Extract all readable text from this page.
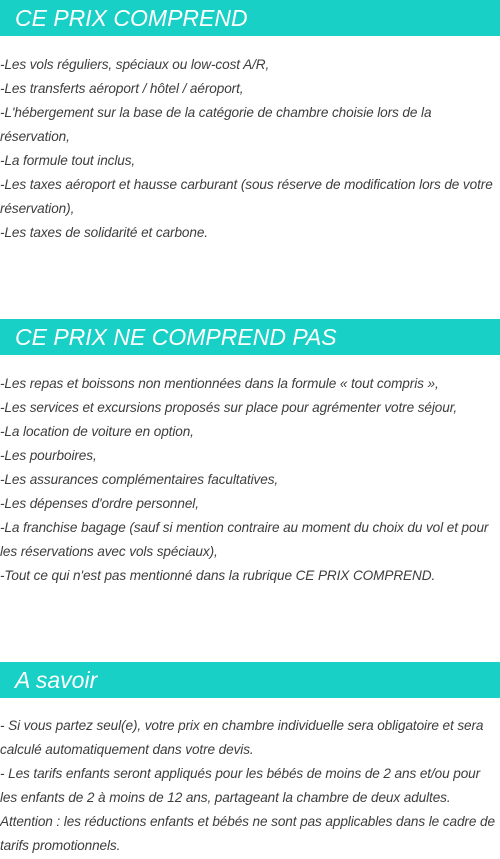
CE PRIX COMPREND
-Les vols réguliers, spéciaux ou low-cost A/R,
-Les transferts aéroport / hôtel / aéroport,
-L'hébergement sur la base de la catégorie de chambre choisie lors de la réservation,
-La formule tout inclus,
-Les taxes aéroport et hausse carburant (sous réserve de modification lors de votre réservation),
-Les taxes de solidarité et carbone.
CE PRIX NE COMPREND PAS
-Les repas et boissons non mentionnées dans la formule « tout compris »,
-Les services et excursions proposés sur place pour agrémenter votre séjour,
-La location de voiture en option,
-Les pourboires,
-Les assurances complémentaires facultatives,
-Les dépenses d'ordre personnel,
-La franchise bagage (sauf si mention contraire au moment du choix du vol et pour les réservations avec vols spéciaux),
-Tout ce qui n'est pas mentionné dans la rubrique CE PRIX COMPREND.
A savoir
- Si vous partez seul(e), votre prix en chambre individuelle sera obligatoire et sera calculé automatiquement dans votre devis.
- Les tarifs enfants seront appliqués pour les bébés de moins de 2 ans et/ou pour les enfants de 2 à moins de 12 ans, partageant la chambre de deux adultes.
Attention : les réductions enfants et bébés ne sont pas applicables dans le cadre de tarifs promotionnels.
